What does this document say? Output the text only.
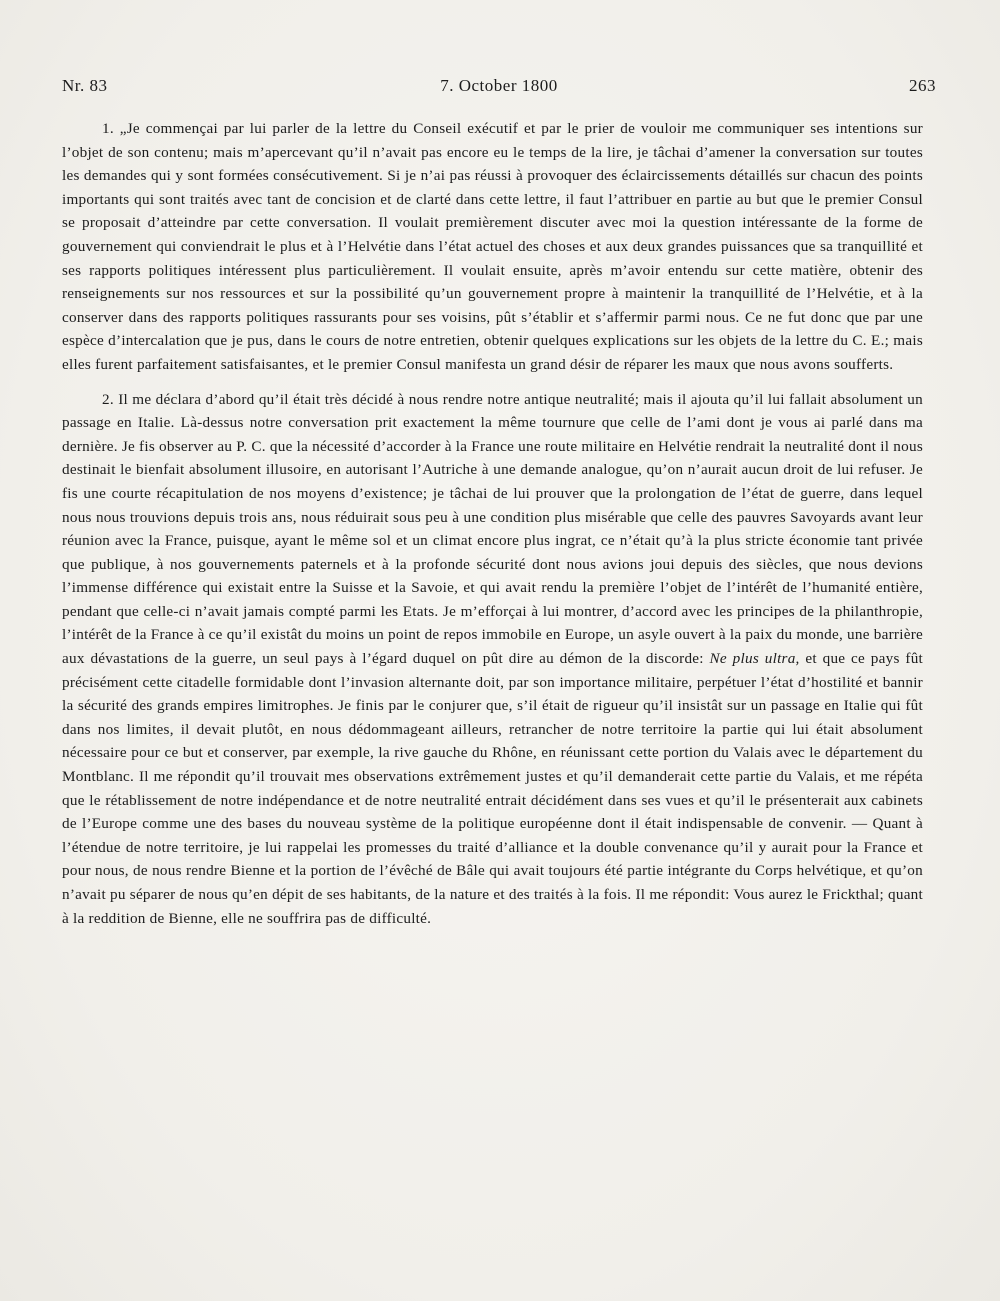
Nr. 83	7. October 1800	263

1. „Je commençai par lui parler de la lettre du Conseil exécutif et par le prier de vouloir me communiquer ses intentions sur l’objet de son contenu; mais m’apercevant qu’il n’avait pas encore eu le temps de la lire, je tâchai d’amener la conversation sur toutes les demandes qui y sont formées consécutivement. Si je n’ai pas réussi à provoquer des éclaircissements détaillés sur chacun des points importants qui sont traités avec tant de concision et de clarté dans cette lettre, il faut l’attribuer en partie au but que le premier Consul se proposait d’atteindre par cette conversation. Il voulait premièrement discuter avec moi la question intéressante de la forme de gouvernement qui conviendrait le plus et à l’Helvétie dans l’état actuel des choses et aux deux grandes puissances que sa tranquillité et ses rapports politiques intéressent plus particulièrement. Il voulait ensuite, après m’avoir entendu sur cette matière, obtenir des renseignements sur nos ressources et sur la possibilité qu’un gouvernement propre à maintenir la tranquillité de l’Helvétie, et à la conserver dans des rapports politiques rassurants pour ses voisins, pût s’établir et s’affermir parmi nous. Ce ne fut donc que par une espèce d’intercalation que je pus, dans le cours de notre entretien, obtenir quelques explications sur les objets de la lettre du C. E.; mais elles furent parfaitement satisfaisantes, et le premier Consul manifesta un grand désir de réparer les maux que nous avons soufferts.

2. Il me déclara d’abord qu’il était très décidé à nous rendre notre antique neutralité; mais il ajouta qu’il lui fallait absolument un passage en Italie. Là-dessus notre conversation prit exactement la même tournure que celle de l’ami dont je vous ai parlé dans ma dernière. Je fis observer au P. C. que la nécessité d’accorder à la France une route militaire en Helvétie rendrait la neutralité dont il nous destinait le bienfait absolument illusoire, en autorisant l’Autriche à une demande analogue, qu’on n’aurait aucun droit de lui refuser. Je fis une courte récapitulation de nos moyens d’existence; je tâchai de lui prouver que la prolongation de l’état de guerre, dans lequel nous nous trouvions depuis trois ans, nous réduirait sous peu à une condition plus misérable que celle des pauvres Savoyards avant leur réunion avec la France, puisque, ayant le même sol et un climat encore plus ingrat, ce n’était qu’à la plus stricte économie tant privée que publique, à nos gouvernements paternels et à la profonde sécurité dont nous avions joui depuis des siècles, que nous devions l’immense différence qui existait entre la Suisse et la Savoie, et qui avait rendu la première l’objet de l’intérêt de l’humanité entière, pendant que celle-ci n’avait jamais compté parmi les Etats. Je m’efforçai à lui montrer, d’accord avec les principes de la philanthropie, l’intérêt de la France à ce qu’il existât du moins un point de repos immobile en Europe, un asyle ouvert à la paix du monde, une barrière aux dévastations de la guerre, un seul pays à l’égard duquel on pût dire au démon de la discorde: Ne plus ultra, et que ce pays fût précisément cette citadelle formidable dont l’invasion alternante doit, par son importance militaire, perpétuer l’état d’hostilité et bannir la sécurité des grands empires limitrophes. Je finis par le conjurer que, s’il était de rigueur qu’il insistât sur un passage en Italie qui fût dans nos limites, il devait plutôt, en nous dédommageant ailleurs, retrancher de notre territoire la partie qui lui était absolument nécessaire pour ce but et conserver, par exemple, la rive gauche du Rhône, en réunissant cette portion du Valais avec le département du Montblanc. Il me répondit qu’il trouvait mes observations extrêmement justes et qu’il demanderait cette partie du Valais, et me répéta que le rétablissement de notre indépendance et de notre neutralité entrait décidément dans ses vues et qu’il le présenterait aux cabinets de l’Europe comme une des bases du nouveau système de la politique européenne dont il était indispensable de convenir. — Quant à l’étendue de notre territoire, je lui rappelai les promesses du traité d’alliance et la double convenance qu’il y aurait pour la France et pour nous, de nous rendre Bienne et la portion de l’évêché de Bâle qui avait toujours été partie intégrante du Corps helvétique, et qu’on n’avait pu séparer de nous qu’en dépit de ses habitants, de la nature et des traités à la fois. Il me répondit: Vous aurez le Frickthal; quant à la reddition de Bienne, elle ne souffrira pas de difficulté.
